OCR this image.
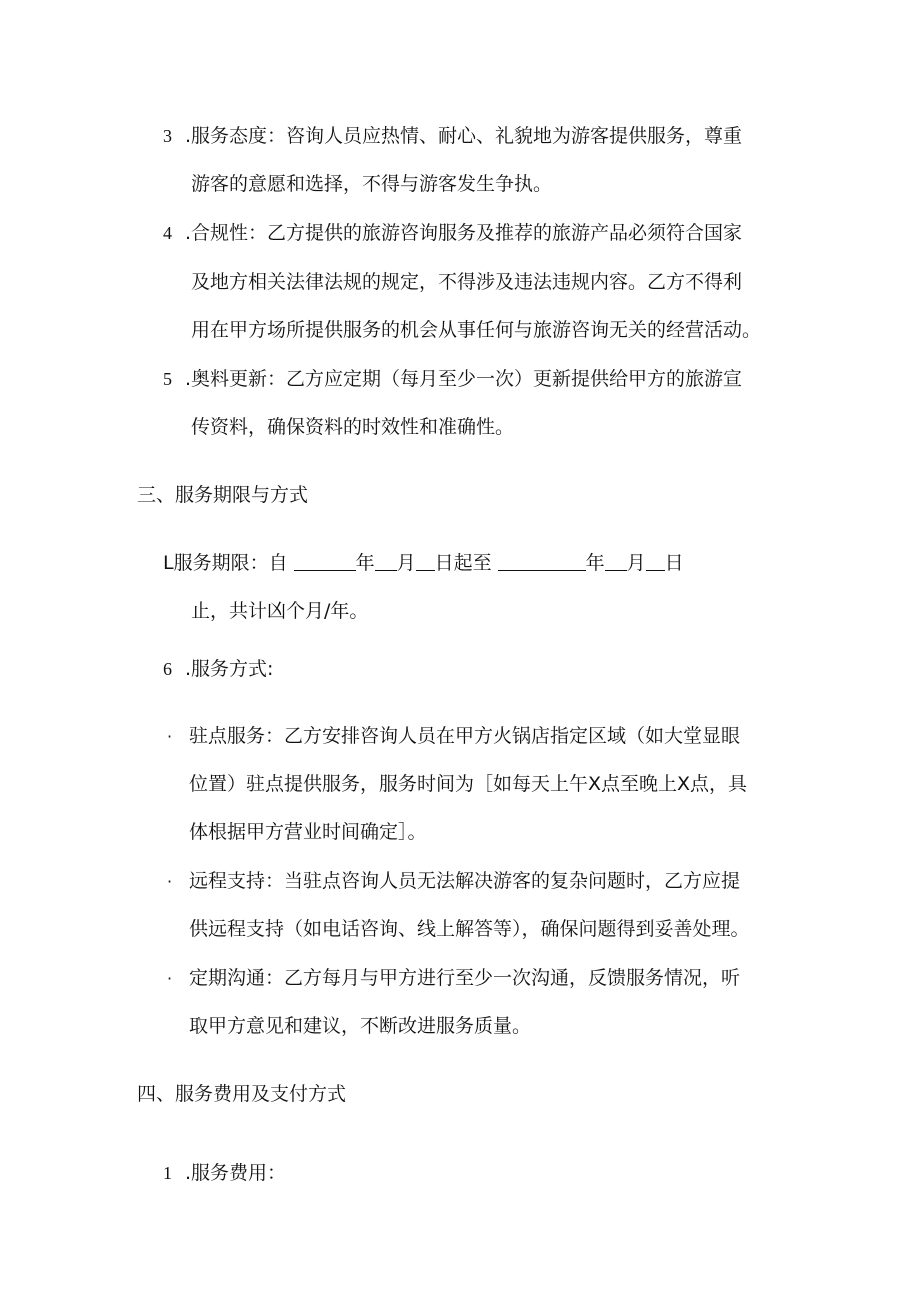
3 .服务态度：咨询人员应热情、耐心、礼貌地为游客提供服务，尊重
游客的意愿和选择，不得与游客发生争执。
4 .合规性：乙方提供的旅游咨询服务及推荐的旅游产品必须符合国家
及地方相关法律法规的规定，不得涉及违法违规内容。乙方不得利
用在甲方场所提供服务的机会从事任何与旅游咨询无关的经营活动。
5 .奥料更新：乙方应定期（每月至少一次）更新提供给甲方的旅游宣
传资料，确保资料的时效性和准确性。
三、服务期限与方式
L服务期限：自	年 月 日起至	年 月 日
止，共计凶个月/年。
6 .服务方式:
· 驻点服务：乙方安排咨询人员在甲方火锅店指定区域（如大堂显眼
位置）驻点提供服务，服务时间为［如每天上午X点至晚上X点，具
体根据甲方营业时间确定］。
· 远程支持：当驻点咨询人员无法解决游客的复杂问题时，乙方应提
供远程支持（如电话咨询、线上解答等），确保问题得到妥善处理。
· 定期沟通：乙方每月与甲方进行至少一次沟通，反馈服务情况，听
取甲方意见和建议，不断改进服务质量。
四、服务费用及支付方式
1 .服务费用：
